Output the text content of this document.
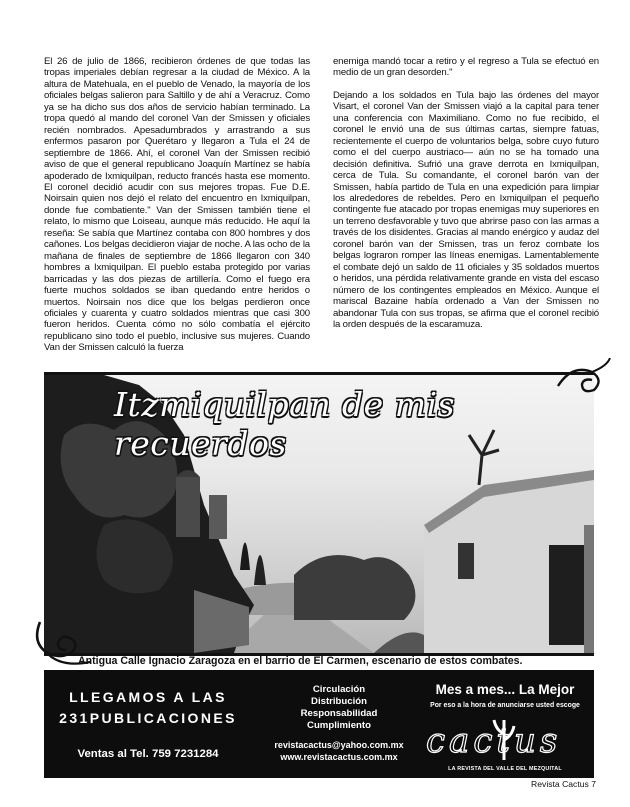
El 26 de julio de 1866, recibieron órdenes de que todas las tropas imperiales debían regresar a la ciudad de México. A la altura de Matehuala, en el pueblo de Venado, la mayoría de los oficiales belgas salieron para Saltillo y de ahí a Veracruz. Como ya se ha dicho sus dos años de servicio habían terminado. La tropa quedó al mando del coronel Van der Smissen y oficiales recién nombrados. Apesadumbrados y arrastrando a sus enfermos pasaron por Querétaro y llegaron a Tula el 24 de septiembre de 1866. Ahí, el coronel Van der Smissen recibió aviso de que el general republicano Joaquín Martínez se había apoderado de Ixmiquilpan, reducto francés hasta ese momento. El coronel decidió acudir con sus mejores tropas. Fue D.E. Noirsain quien nos dejó el relato del encuentro en Ixmiquilpan, donde fue combatiente." Van der Smissen también tiene el relato, lo mismo que Loiseau, aunque más reducido. He aquí la reseña: Se sabía que Martínez contaba con 800 hombres y dos cañones. Los belgas decidieron viajar de noche. A las ocho de la mañana de finales de septiembre de 1866 llegaron con 340 hombres a Ixmiquilpan. El pueblo estaba protegido por varias barricadas y las dos piezas de artillería. Como el fuego era fuerte muchos soldados se iban quedando entre heridos o muertos. Noirsain nos dice que los belgas perdieron once oficiales y cuarenta y cuatro soldados mientras que casi 300 fueron heridos. Cuenta cómo no sólo combatía el ejército republicano sino todo el pueblo, inclusive sus mujeres. Cuando Van der Smissen calculó la fuerza

enemiga mandó tocar a retiro y el regreso a Tula se efectuó en medio de un gran desorden."

Dejando a los soldados en Tula bajo las órdenes del mayor Visart, el coronel Van der Smissen viajó a la capital para tener una conferencia con Maximiliano. Como no fue recibido, el coronel le envió una de sus últimas cartas, siempre fatuas, recientemente el cuerpo de voluntarios belga, sobre cuyo futuro como el del cuerpo austriaco— aún no se ha tomado una decisión definitiva. Sufrió una grave derrota en Ixmiquilpan, cerca de Tula. Su comandante, el coronel barón van der Smissen, había partido de Tula en una expedición para limpiar los alrededores de rebeldes. Pero en Ixmiquilpan el pequeño contingente fue atacado por tropas enemigas muy superiores en un terreno desfavorable y tuvo que abrirse paso con las armas a través de los disidentes. Gracias al mando enérgico y audaz del coronel barón van der Smissen, tras un feroz combate los belgas lograron romper las líneas enemigas. Lamentablemente el combate dejó un saldo de 11 oficiales y 35 soldados muertos o heridos, una pérdida relativamente grande en vista del escaso número de los contingentes empleados en México. Aunque el mariscal Bazaine había ordenado a Van der Smissen no abandonar Tula con sus tropas, se afirma que el coronel recibió la orden después de la escaramuza.

Itzmiquilpan de mis recuerdos
Antigua Calle Ignacio Zaragoza en el barrio de El Carmen, escenario de estos combates.
LLEGAMOS A LAS
231PUBLICACIONES
Ventas al Tel. 759 7231284
Circulación
Distribución
Responsabilidad
Cumplimiento
revistacactus@yahoo.com.mx
www.revistacactus.com.mx
Mes a mes... La Mejor
Por eso a la hora de anunciarse usted escoge
cactus
LA REVISTA DEL VALLE DEL MEZQUITAL
Revista Cactus 7
